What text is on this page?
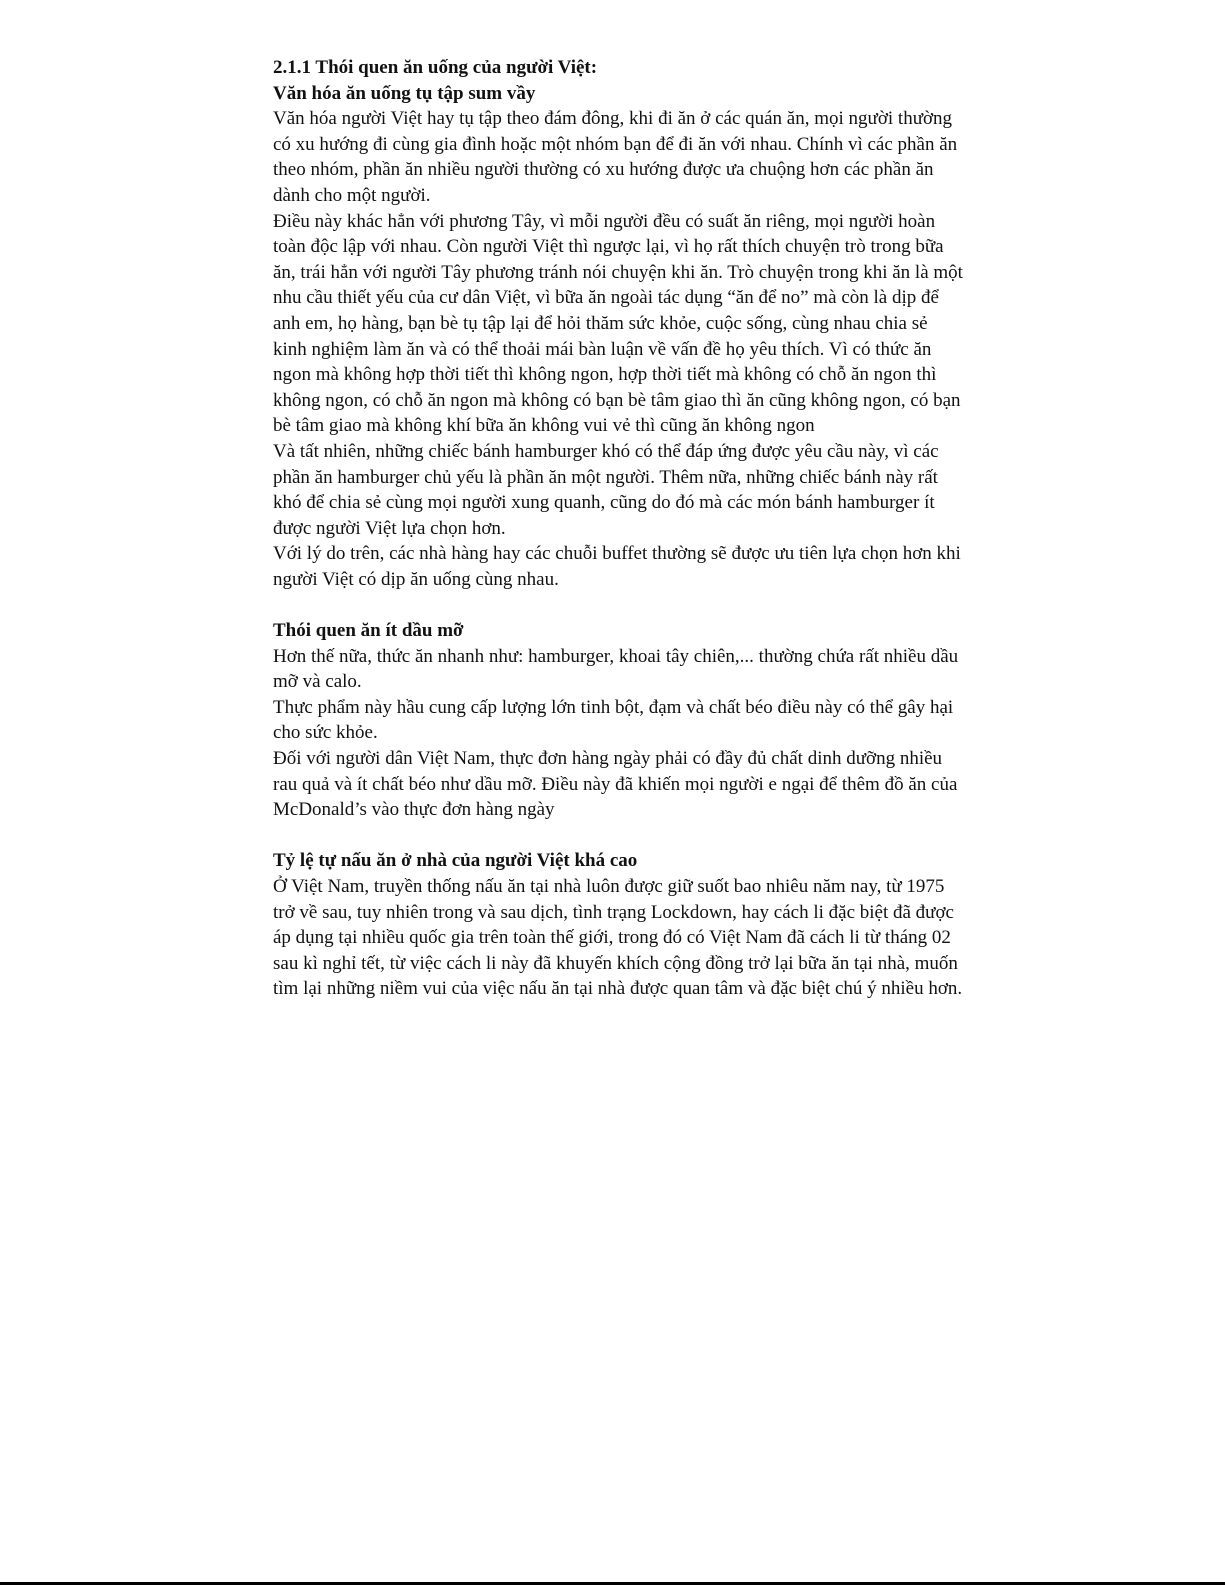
2.1.1 Thói quen ăn uống của người Việt:

Văn hóa ăn uống tụ tập sum vầy

Văn hóa người Việt hay tụ tập theo đám đông, khi đi ăn ở các quán ăn, mọi người thường có xu hướng đi cùng gia đình hoặc một nhóm bạn để đi ăn với nhau. Chính vì các phần ăn theo nhóm, phần ăn nhiều người thường có xu hướng được ưa chuộng hơn các phần ăn dành cho một người.

Điều này khác hẳn với phương Tây, vì mỗi người đều có suất ăn riêng, mọi người hoàn toàn độc lập với nhau. Còn người Việt thì ngược lại, vì họ rất thích chuyện trò trong bữa ăn, trái hẳn với người Tây phương tránh nói chuyện khi ăn. Trò chuyện trong khi ăn là một nhu cầu thiết yếu của cư dân Việt, vì bữa ăn ngoài tác dụng “ăn để no” mà còn là dịp để anh em, họ hàng, bạn bè tụ tập lại để hỏi thăm sức khỏe, cuộc sống, cùng nhau chia sẻ kinh nghiệm làm ăn và có thể thoải mái bàn luận về vấn đề họ yêu thích. Vì có thức ăn ngon mà không hợp thời tiết thì không ngon, hợp thời tiết mà không có chỗ ăn ngon thì không ngon, có chỗ ăn ngon mà không có bạn bè tâm giao thì ăn cũng không ngon, có bạn bè tâm giao mà không khí bữa ăn không vui vẻ thì cũng ăn không ngon

Và tất nhiên, những chiếc bánh hamburger khó có thể đáp ứng được yêu cầu này, vì các phần ăn hamburger chủ yếu là phần ăn một người. Thêm nữa, những chiếc bánh này rất khó để chia sẻ cùng mọi người xung quanh, cũng do đó mà các món bánh hamburger ít được người Việt lựa chọn hơn.

Với lý do trên, các nhà hàng hay các chuỗi buffet thường sẽ được ưu tiên lựa chọn hơn khi người Việt có dịp ăn uống cùng nhau.

Thói quen ăn ít dầu mỡ

Hơn thế nữa, thức ăn nhanh như: hamburger, khoai tây chiên,... thường chứa rất nhiều dầu mỡ và calo.

Thực phẩm này hầu cung cấp lượng lớn tinh bột, đạm và chất béo điều này có thể gây hại cho sức khỏe.

Đối với người dân Việt Nam, thực đơn hàng ngày phải có đầy đủ chất dinh dưỡng nhiều rau quả và ít chất béo như dầu mỡ. Điều này đã khiến mọi người e ngại để thêm đồ ăn của McDonald’s vào thực đơn hàng ngày

Tỷ lệ tự nấu ăn ở nhà của người Việt khá cao

Ở Việt Nam, truyền thống nấu ăn tại nhà luôn được giữ suốt bao nhiêu năm nay, từ 1975 trở về sau, tuy nhiên trong và sau dịch, tình trạng Lockdown, hay cách li đặc biệt đã được áp dụng tại nhiều quốc gia trên toàn thế giới, trong đó có Việt Nam đã cách li từ tháng 02 sau kì nghỉ tết, từ việc cách li này đã khuyến khích cộng đồng trở lại bữa ăn tại nhà, muốn tìm lại những niềm vui của việc nấu ăn tại nhà được quan tâm và đặc biệt chú ý nhiều hơn.
